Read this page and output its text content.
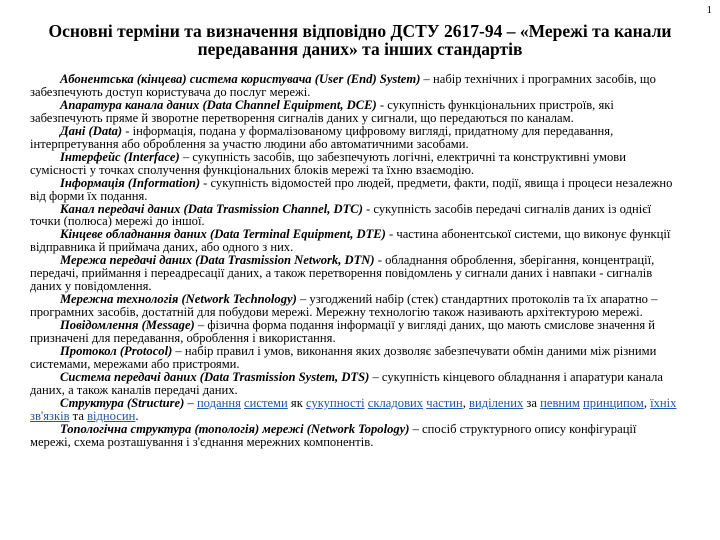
1
Основні терміни та визначення відповідно ДСТУ 2617-94 – «Мережі та канали передавання даних» та інших стандартів

Абонентська (кінцева) система користувача (User (End) System) – набір технічних і програмних засобів, що забезпечують доступ користувача до послуг мережі.

Апаратура канала даних (Data Channel Equipment, DCE) - сукупність функціональних пристроїв, які забезпечують пряме й зворотне перетворення сигналів даних у сигнали, що передаються по каналам.

Дані (Data) - інформація, подана у формалізованому цифровому вигляді, придатному для передавання, інтерпретування або оброблення за участю людини або автоматичними засобами.

Інтерфейс (Interface) – сукупність засобів, що забезпечують логічні, електричні та конструктивні умови сумісності у точках сполучення функціональних блоків мережі та їхню взаємодію.

Інформація (Information) - сукупність відомостей про людей, предмети, факти, події, явища і процеси незалежно від форми їх подання.

Канал передачі даних (Data Trasmission Channel, DTC) - сукупність засобів передачі сигналів даних із однієї точки (полюса) мережі до іншої.

Кінцеве обладнання даних (Data Terminal Equipment, DTE) - частина абонентської системи, що виконує функції відправника й приймача даних, або одного з них.

Мережа передачі даних (Data Trasmission Network, DTN) - обладнання оброблення, зберігання, концентрації, передачі, приймання і переадресації даних, а також перетворення повідомлень у сигнали даних і навпаки - сигналів даних у повідомлення.

Мережна технологія (Network Technology) – узгоджений набір (стек) стандартних протоколів та їх апаратно – програмних засобів, достатній для побудови мережі. Мережну технологію також називають архітектурою мережі.

Повідомлення (Message) – фізична форма подання інформації у вигляді даних, що мають смислове значення й призначені для передавання, оброблення і використання.

Протокол (Protocol) – набір правил і умов, виконання яких дозволяє забезпечувати обмін даними між різними системами, мережами або пристроями.

Система передачі даних (Data Trasmission System, DTS) – сукупність кінцевого обладнання і апаратури канала даних, а також каналів передачі даних.

Структура (Structure) – подання системи як сукупності складових частин, виділених за певним принципом, їхніх зв'язків та відносин.

Топологічна структура (топологія) мережі (Network Topology) – спосіб структурного опису конфігурації мережі, схема розташування і з'єднання мережних компонентів.
